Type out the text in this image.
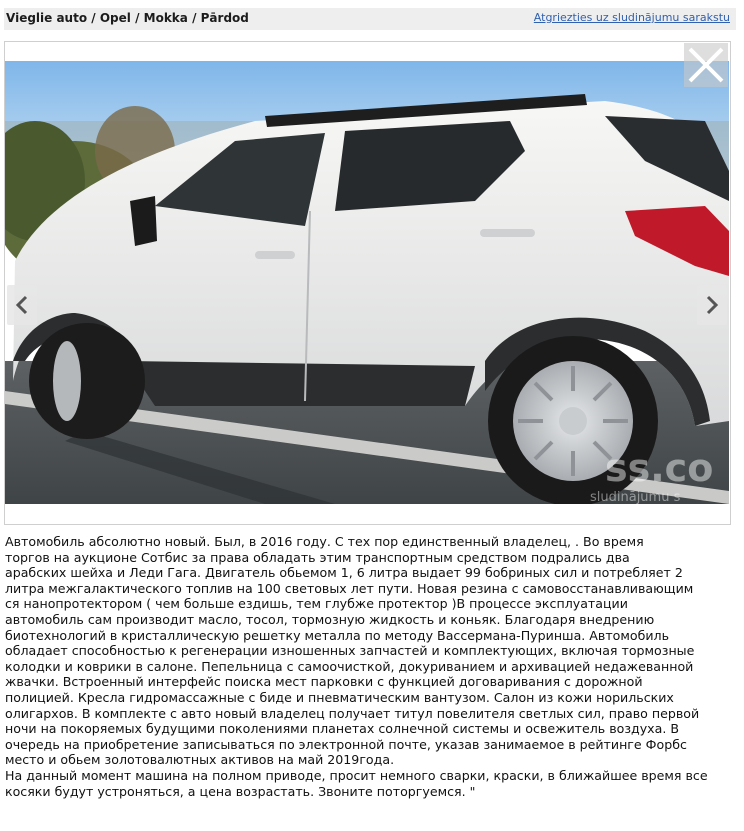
Vieglie auto / Opel / Mokka / Pārdod	Atgriezties uz sludinājumu sarakstu
ss.co
sludinājumu s
Автомобиль абсолютно новый. Был, в 2016 году. С тех пор единственный владелец, . Во время
торгов на аукционе Сотбис за права обладать этим транспортным средством подрались два
арабских шейха и Леди Гага. Двигатель обьемом 1, 6 литра выдает 99 бобриных сил и потребляет 2
литра межгалактического топлив на 100 световых лет пути. Новая резина с самовосстанавливающим
ся нанопротектором ( чем больше ездишь, тем глубже протектор )В процессе эксплуатации
автомобиль сам производит масло, тосол, тормозную жидкость и коньяк. Благодаря внедрению
биотехнологий в кристаллическую решетку металла по методу Вассермана-Пуринша. Автомобиль
обладает способностью к регенерации изношенных запчастей и комплектующих, включая тормозные
колодки и коврики в салоне. Пепельница с самоочисткой, докуриванием и архивацией недажеванной
жвачки. Встроенный интерфейс поиска мест парковки с функцией договаривания с дорожной
полицией. Кресла гидромассажные с биде и пневматическим вантузом. Салон из кожи норильских
олигархов. В комплекте с авто новый владелец получает титул повелителя светлых сил, право первой
ночи на покоряемых будущими поколениями планетах солнечной системы и освежитель воздуха. В
очередь на приобретение записываться по электронной почте, указав занимаемое в рейтинге Форбс
место и обьем золотовалютных активов на май 2019года.
На данный момент машина на полном приводе, просит немного сварки, краски, в ближайшее время все
косяки будут устроняться, а цена возрастать. Звоните поторгуемся. "
